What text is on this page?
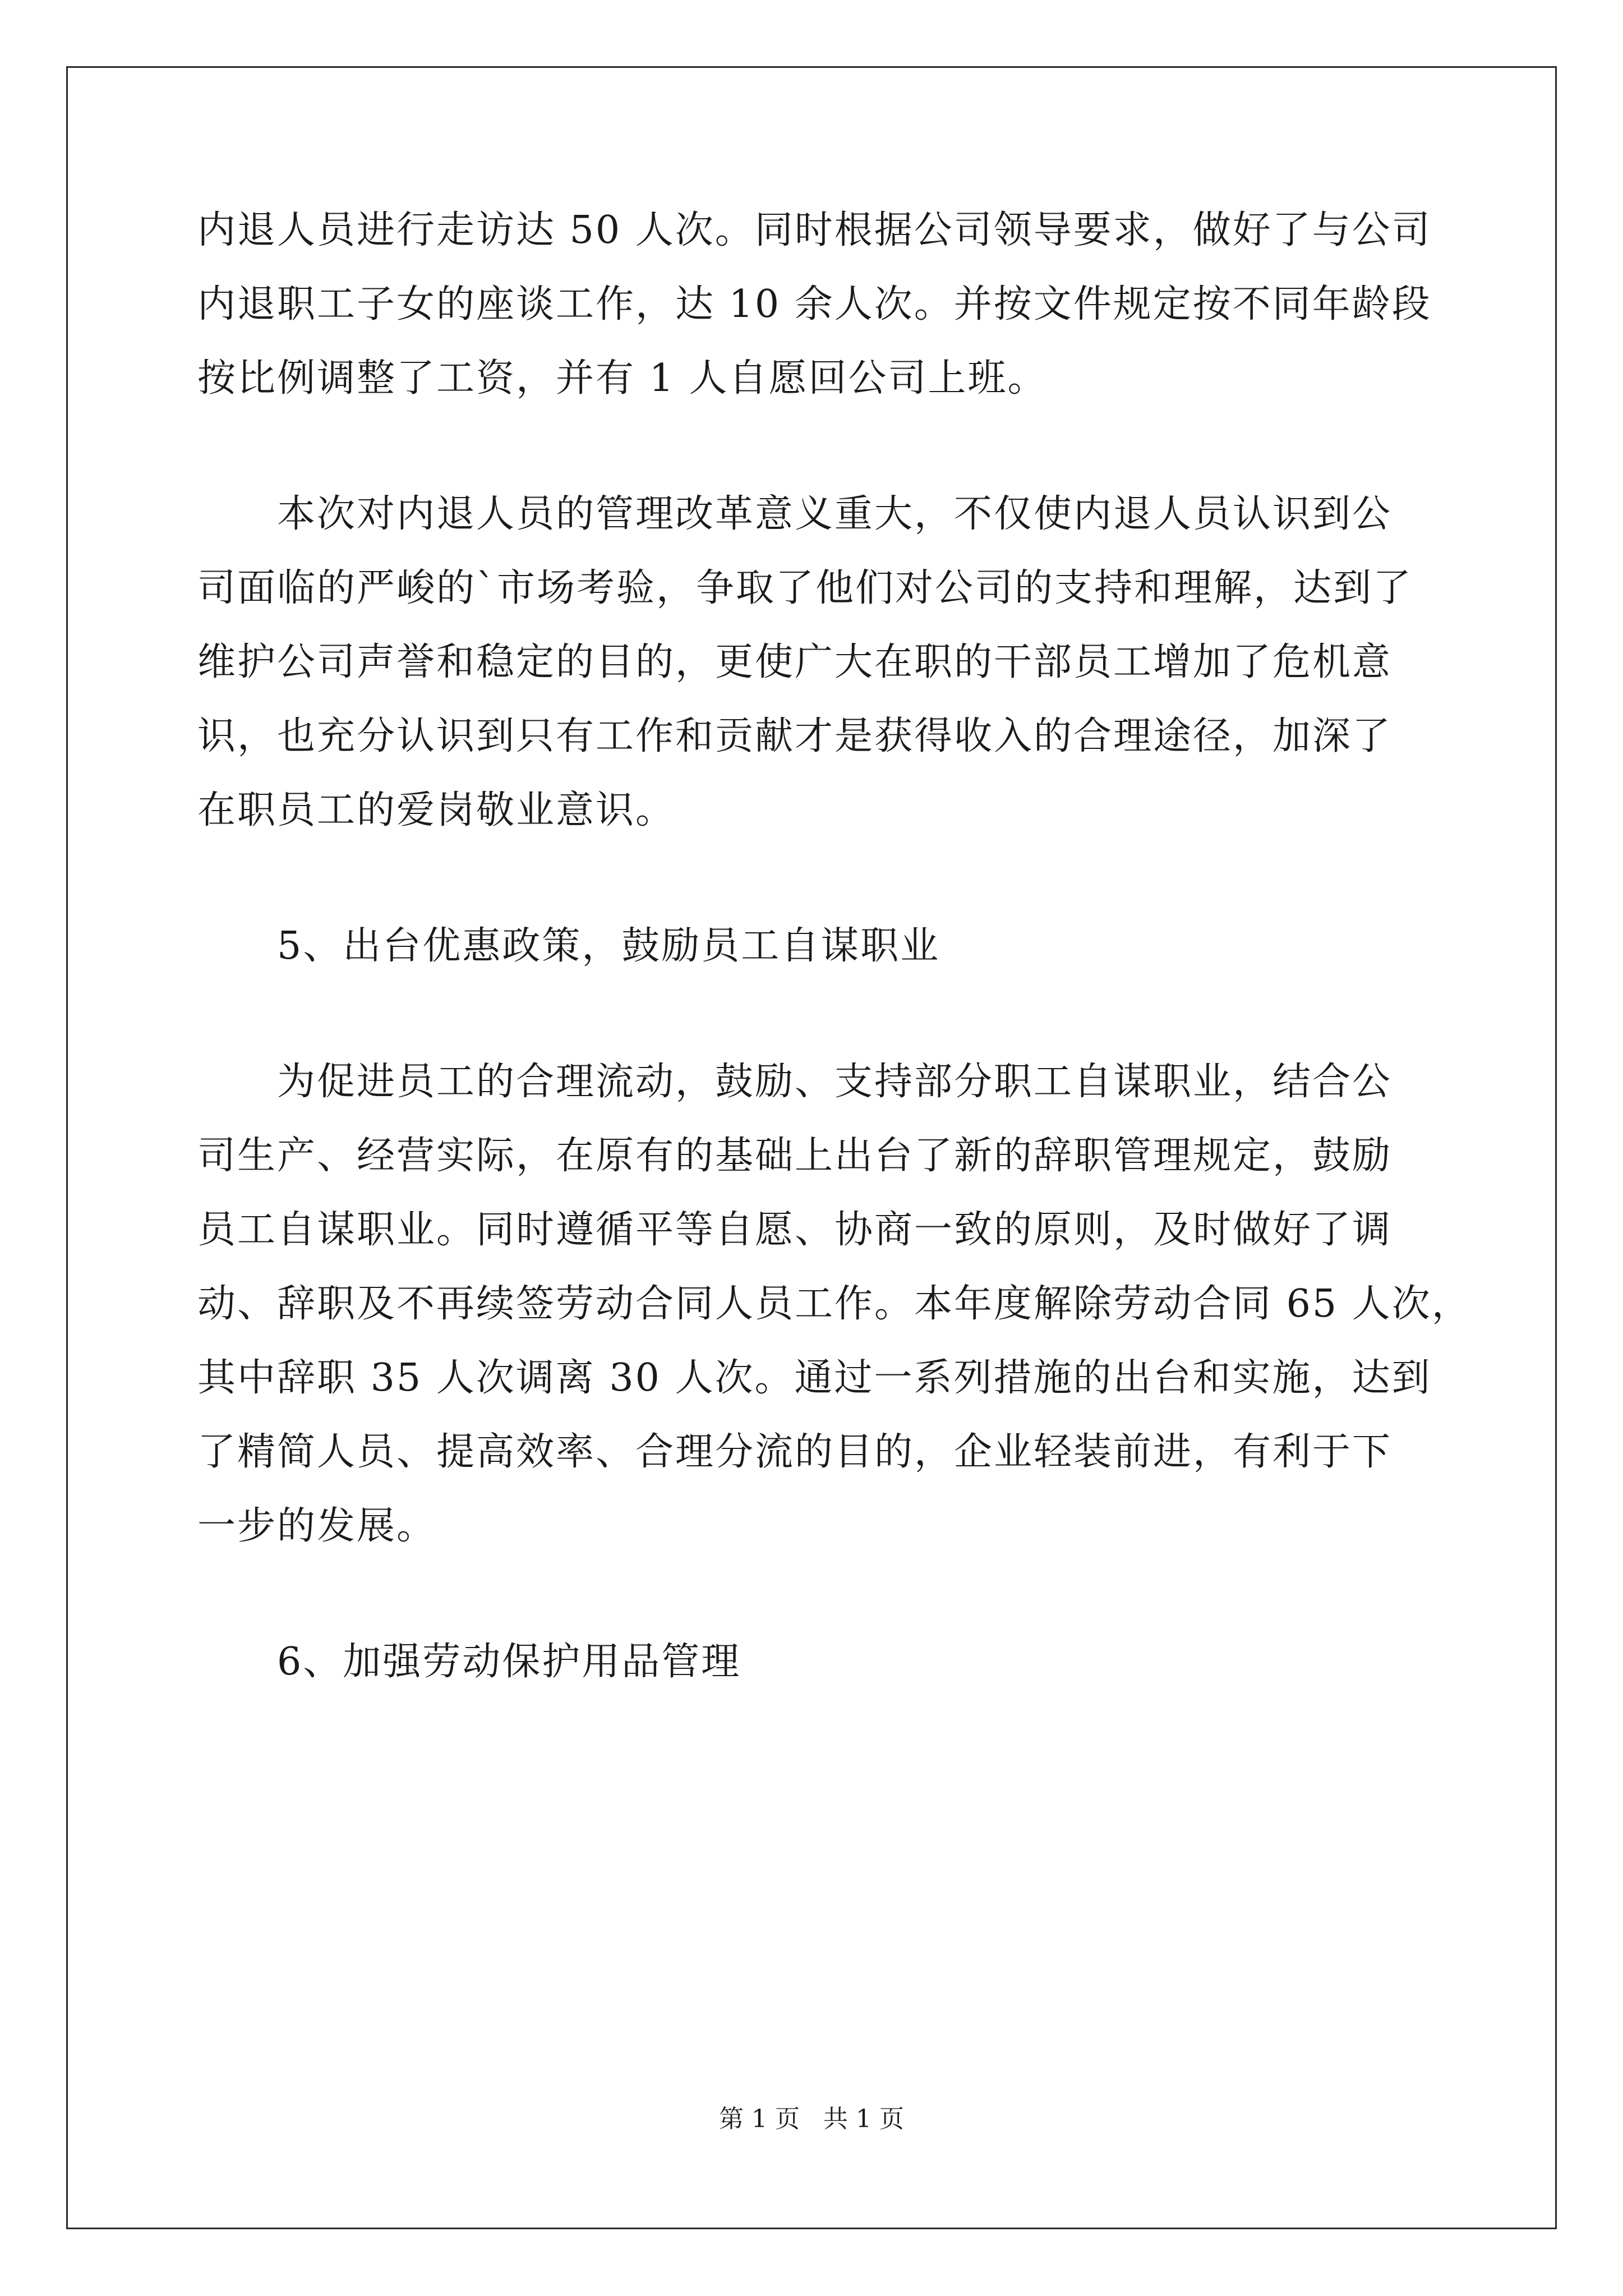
内退人员进行走访达 50 人次。同时根据公司领导要求，做好了与公司
内退职工子女的座谈工作，达 10 余人次。并按文件规定按不同年龄段
按比例调整了工资，并有 1 人自愿回公司上班。
本次对内退人员的管理改革意义重大，不仅使内退人员认识到公
司面临的严峻的`市场考验，争取了他们对公司的支持和理解，达到了
维护公司声誉和稳定的目的，更使广大在职的干部员工增加了危机意
识，也充分认识到只有工作和贡献才是获得收入的合理途径，加深了
在职员工的爱岗敬业意识。
5、出台优惠政策，鼓励员工自谋职业
为促进员工的合理流动，鼓励、支持部分职工自谋职业，结合公
司生产、经营实际，在原有的基础上出台了新的辞职管理规定，鼓励
员工自谋职业。同时遵循平等自愿、协商一致的原则，及时做好了调
动、辞职及不再续签劳动合同人员工作。本年度解除劳动合同 65 人次，
其中辞职 35 人次调离 30 人次。通过一系列措施的出台和实施，达到
了精简人员、提高效率、合理分流的目的，企业轻装前进，有利于下
一步的发展。
6、加强劳动保护用品管理
第 1 页   共 1 页
